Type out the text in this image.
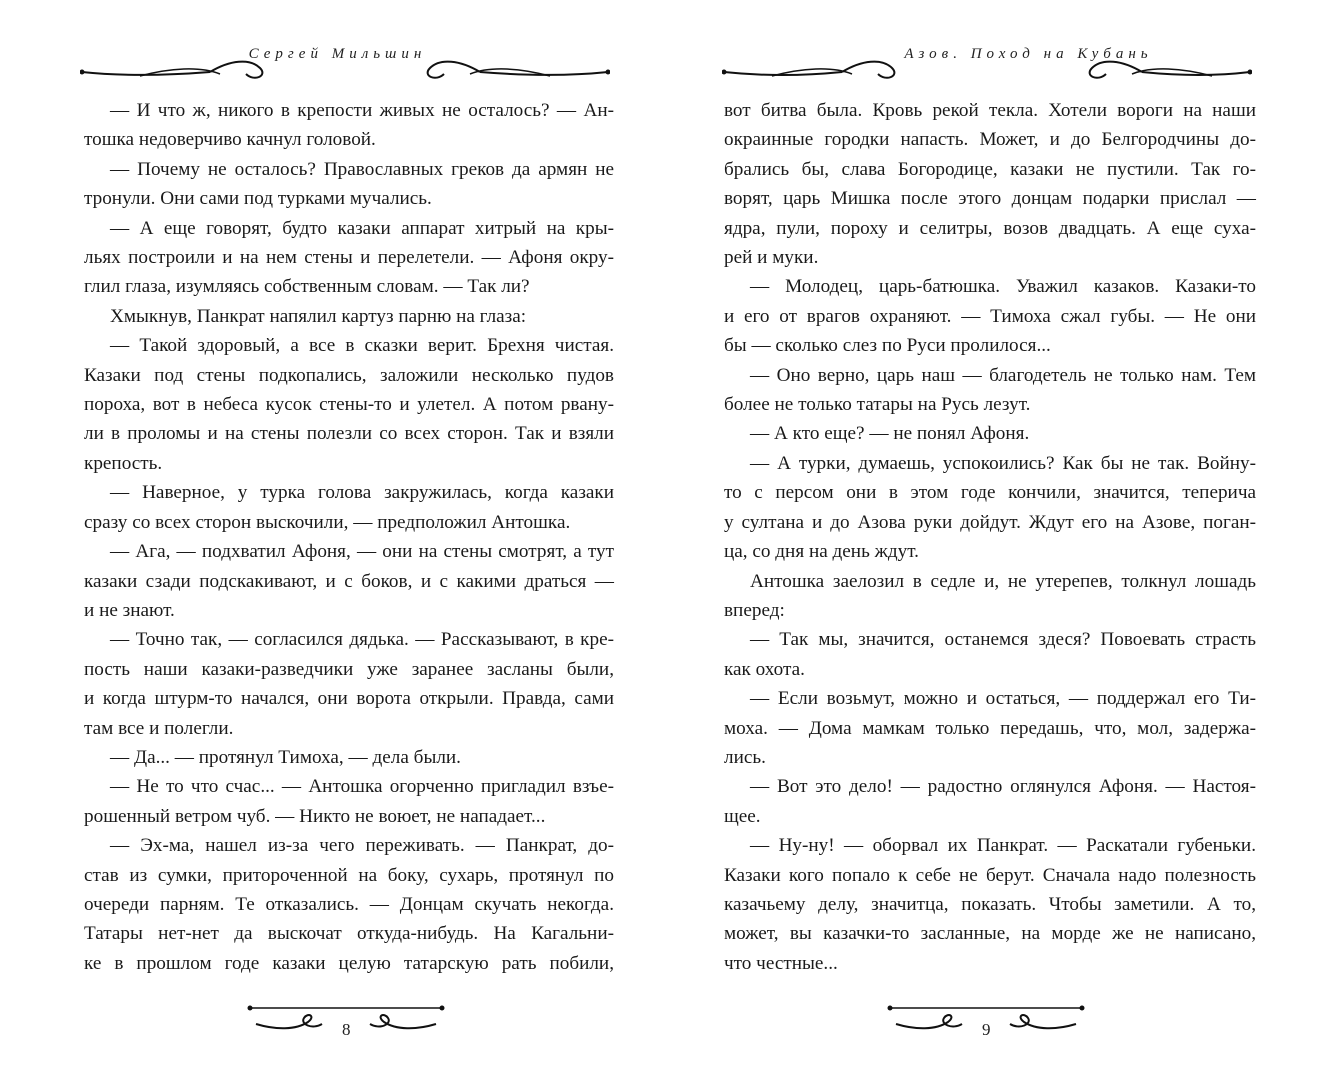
Сергей Мильшин

— И что ж, никого в крепости живых не осталось? — Ан-

тошка недоверчиво качнул головой.

— Почему не осталось? Православных греков да армян не

тронули. Они сами под турками мучались.

— А еще говорят, будто казаки аппарат хитрый на кры-

льях построили и на нем стены и перелетели. — Афоня окру-

глил глаза, изумляясь собственным словам. — Так ли?

Хмыкнув, Панкрат напялил картуз парню на глаза:

— Такой здоровый, а все в сказки верит. Брехня чистая.

Казаки под стены подкопались, заложили несколько пудов

пороха, вот в небеса кусок стены-то и улетел. А потом рвану-

ли в проломы и на стены полезли со всех сторон. Так и взяли

крепость.

— Наверное, у турка голова закружилась, когда казаки

сразу со всех сторон выскочили, — предположил Антошка.

— Ага, — подхватил Афоня, — они на стены смотрят, а тут

казаки сзади подскакивают, и с боков, и с какими драться —

и не знают.

— Точно так, — согласился дядька. — Рассказывают, в кре-

пость наши казаки-разведчики уже заранее засланы были,

и когда штурм-то начался, они ворота открыли. Правда, сами

там все и полегли.

— Да... — протянул Тимоха, — дела были.

— Не то что счас... — Антошка огорченно пригладил взъе-

рошенный ветром чуб. — Никто не воюет, не нападает...

— Эх-ма, нашел из-за чего переживать. — Панкрат, до-

став из сумки, притороченной на боку, сухарь, протянул по

очереди парням. Те отказались. — Донцам скучать некогда.

Татары нет-нет да выскочат откуда-нибудь. На Кагальни-

ке в прошлом годе казаки целую татарскую рать побили,

8
Азов. Поход на Кубань

вот битва была. Кровь рекой текла. Хотели вороги на наши

окраинные городки напасть. Может, и до Белгородчины до-

брались бы, слава Богородице, казаки не пустили. Так го-

ворят, царь Мишка после этого донцам подарки прислал —

ядра, пули, пороху и селитры, возов двадцать. А еще суха-

рей и муки.

— Молодец, царь-батюшка. Уважил казаков. Казаки-то

и его от врагов охраняют. — Тимоха сжал губы. — Не они

бы — сколько слез по Руси пролилося...

— Оно верно, царь наш — благодетель не только нам. Тем

более не только татары на Русь лезут.

— А кто еще? — не понял Афоня.

— А турки, думаешь, успокоились? Как бы не так. Войну-

то с персом они в этом годе кончили, значится, теперича

у султана и до Азова руки дойдут. Ждут его на Азове, поган-

ца, со дня на день ждут.

Антошка заелозил в седле и, не утерепев, толкнул лошадь

вперед:

— Так мы, значится, останемся здеся? Повоевать страсть

как охота.

— Если возьмут, можно и остаться, — поддержал его Ти-

моха. — Дома мамкам только передашь, что, мол, задержа-

лись.

— Вот это дело! — радостно оглянулся Афоня. — Настоя-

щее.

— Ну-ну! — оборвал их Панкрат. — Раскатали губеньки.

Казаки кого попало к себе не берут. Сначала надо полезность

казачьему делу, значитца, показать. Чтобы заметили. А то,

может, вы казачки-то засланные, на морде же не написано,

что честные...

9
